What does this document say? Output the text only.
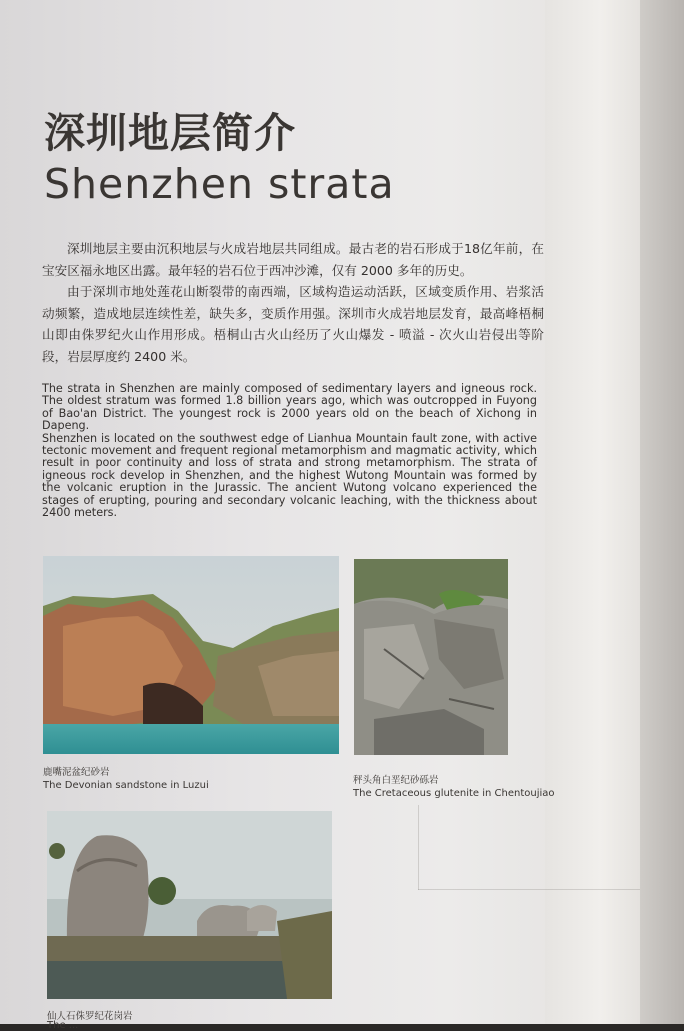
深圳地层简介
Shenzhen strata

深圳地层主要由沉积地层与火成岩地层共同组成。最古老的岩石形成于18亿年前，在宝安区福永地区出露。最年轻的岩石位于西冲沙滩，仅有 2000 多年的历史。

由于深圳市地处莲花山断裂带的南西端，区域构造运动活跃，区域变质作用、岩浆活动频繁，造成地层连续性差，缺失多，变质作用强。深圳市火成岩地层发育，最高峰梧桐山即由侏罗纪火山作用形成。梧桐山古火山经历了火山爆发 - 喷溢 - 次火山岩侵出等阶段，岩层厚度约 2400 米。

The strata in Shenzhen are mainly composed of sedimentary layers and igneous rock. The oldest stratum was formed 1.8 billion years ago, which was outcropped in Fuyong of Bao'an District. The youngest rock is 2000 years old on the beach of Xichong in Dapeng.

Shenzhen is located on the southwest edge of Lianhua Mountain fault zone, with active tectonic movement and frequent regional metamorphism and magmatic activity, which result in poor continuity and loss of strata and strong metamorphism. The strata of igneous rock develop in Shenzhen, and the highest Wutong Mountain was formed by the volcanic eruption in the Jurassic. The ancient Wutong volcano experienced the stages of erupting, pouring and secondary volcanic leaching, with the thickness about 2400 meters.

鹿嘴泥盆纪砂岩
The Devonian sandstone in Luzui	秤头角白垩纪砂砾岩
The Cretaceous glutenite in Chentoujiao
仙人石侏罗纪花岗岩
The ...
